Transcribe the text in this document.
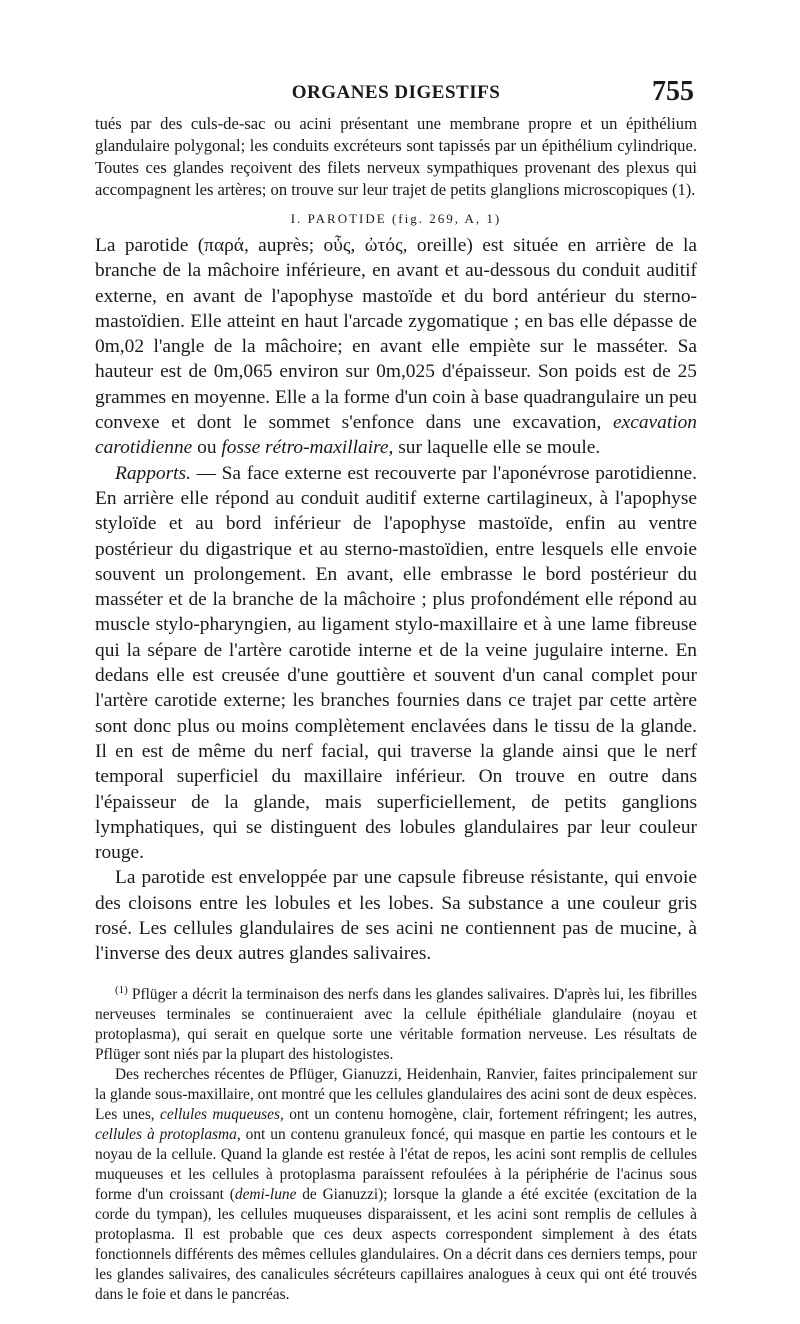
ORGANES DIGESTIFS	755

tués par des culs-de-sac ou acini présentant une membrane propre et un épithélium glandulaire polygonal; les conduits excréteurs sont tapissés par un épithélium cylindrique. Toutes ces glandes reçoivent des filets nerveux sympathiques provenant des plexus qui accompagnent les artères; on trouve sur leur trajet de petits glanglions microscopiques (1).

I. PAROTIDE (fig. 269, A, 1)

La parotide (παρά, auprès; οὖς, ὠτός, oreille) est située en arrière de la branche de la mâchoire inférieure, en avant et au-dessous du conduit auditif externe, en avant de l'apophyse mastoïde et du bord antérieur du sterno-mastoïdien. Elle atteint en haut l'arcade zygomatique ; en bas elle dépasse de 0m,02 l'angle de la mâchoire; en avant elle empiète sur le masséter. Sa hauteur est de 0m,065 environ sur 0m,025 d'épaisseur. Son poids est de 25 grammes en moyenne. Elle a la forme d'un coin à base quadrangulaire un peu convexe et dont le sommet s'enfonce dans une excavation, excavation carotidienne ou fosse rétro-maxillaire, sur laquelle elle se moule.

Rapports. — Sa face externe est recouverte par l'aponévrose parotidienne. En arrière elle répond au conduit auditif externe cartilagineux, à l'apophyse styloïde et au bord inférieur de l'apophyse mastoïde, enfin au ventre postérieur du digastrique et au sterno-mastoïdien, entre lesquels elle envoie souvent un prolongement. En avant, elle embrasse le bord postérieur du masséter et de la branche de la mâchoire ; plus profondément elle répond au muscle stylo-pharyngien, au ligament stylo-maxillaire et à une lame fibreuse qui la sépare de l'artère carotide interne et de la veine jugulaire interne. En dedans elle est creusée d'une gouttière et souvent d'un canal complet pour l'artère carotide externe; les branches fournies dans ce trajet par cette artère sont donc plus ou moins complètement enclavées dans le tissu de la glande. Il en est de même du nerf facial, qui traverse la glande ainsi que le nerf temporal superficiel du maxillaire inférieur. On trouve en outre dans l'épaisseur de la glande, mais superficiellement, de petits ganglions lymphatiques, qui se distinguent des lobules glandulaires par leur couleur rouge.

La parotide est enveloppée par une capsule fibreuse résistante, qui envoie des cloisons entre les lobules et les lobes. Sa substance a une couleur gris rosé. Les cellules glandulaires de ses acini ne contiennent pas de mucine, à l'inverse des deux autres glandes salivaires.

$^{(1)}$ Pflüger a décrit la terminaison des nerfs dans les glandes salivaires. D'après lui, les fibrilles nerveuses terminales se continueraient avec la cellule épithéliale glandulaire (noyau et protoplasma), qui serait en quelque sorte une véritable formation nerveuse. Les résultats de Pflüger sont niés par la plupart des histologistes.

Des recherches récentes de Pflüger, Gianuzzi, Heidenhain, Ranvier, faites principalement sur la glande sous-maxillaire, ont montré que les cellules glandulaires des acini sont de deux espèces. Les unes, cellules muqueuses, ont un contenu homogène, clair, fortement réfringent; les autres, cellules à protoplasma, ont un contenu granuleux foncé, qui masque en partie les contours et le noyau de la cellule. Quand la glande est restée à l'état de repos, les acini sont remplis de cellules muqueuses et les cellules à protoplasma paraissent refoulées à la périphérie de l'acinus sous forme d'un croissant (demi-lune de Gianuzzi); lorsque la glande a été excitée (excitation de la corde du tympan), les cellules muqueuses disparaissent, et les acini sont remplis de cellules à protoplasma. Il est probable que ces deux aspects correspondent simplement à des états fonctionnels différents des mêmes cellules glandulaires. On a décrit dans ces derniers temps, pour les glandes salivaires, des canalicules sécréteurs capillaires analogues à ceux qui ont été trouvés dans le foie et dans le pancréas.
